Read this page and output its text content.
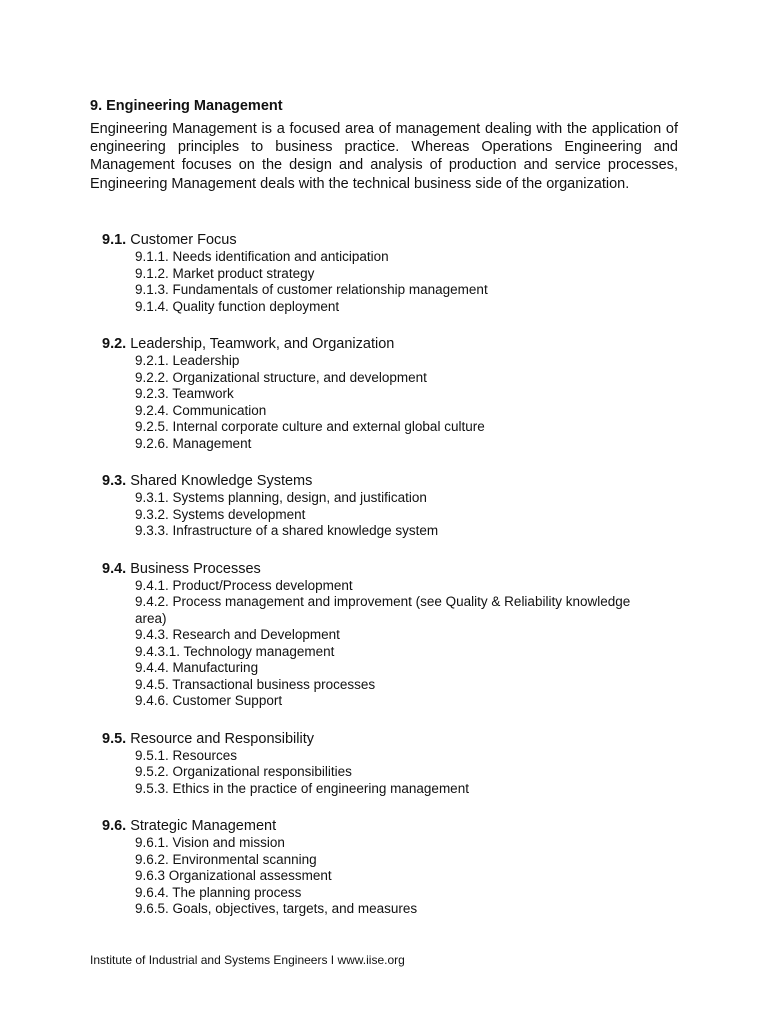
9. Engineering Management
Engineering Management is a focused area of management dealing with the application of engineering principles to business practice. Whereas Operations Engineering and Management focuses on the design and analysis of production and service processes, Engineering Management deals with the technical business side of the organization.

9.1. Customer Focus

9.1.1. Needs identification and anticipation
9.1.2. Market product strategy
9.1.3. Fundamentals of customer relationship management
9.1.4. Quality function deployment

9.2. Leadership, Teamwork, and Organization

9.2.1. Leadership
9.2.2. Organizational structure, and development
9.2.3. Teamwork
9.2.4. Communication
9.2.5. Internal corporate culture and external global culture
9.2.6. Management

9.3. Shared Knowledge Systems

9.3.1. Systems planning, design, and justification
9.3.2. Systems development
9.3.3. Infrastructure of a shared knowledge system

9.4. Business Processes

9.4.1. Product/Process development
9.4.2. Process management and improvement (see Quality & Reliability knowledge area)
9.4.3. Research and Development
9.4.3.1. Technology management
9.4.4. Manufacturing
9.4.5. Transactional business processes
9.4.6. Customer Support

9.5. Resource and Responsibility

9.5.1. Resources
9.5.2. Organizational responsibilities
9.5.3. Ethics in the practice of engineering management

9.6. Strategic Management

9.6.1. Vision and mission
9.6.2. Environmental scanning
9.6.3 Organizational assessment
9.6.4. The planning process
9.6.5. Goals, objectives, targets, and measures
Institute of Industrial and Systems Engineers I www.iise.org
